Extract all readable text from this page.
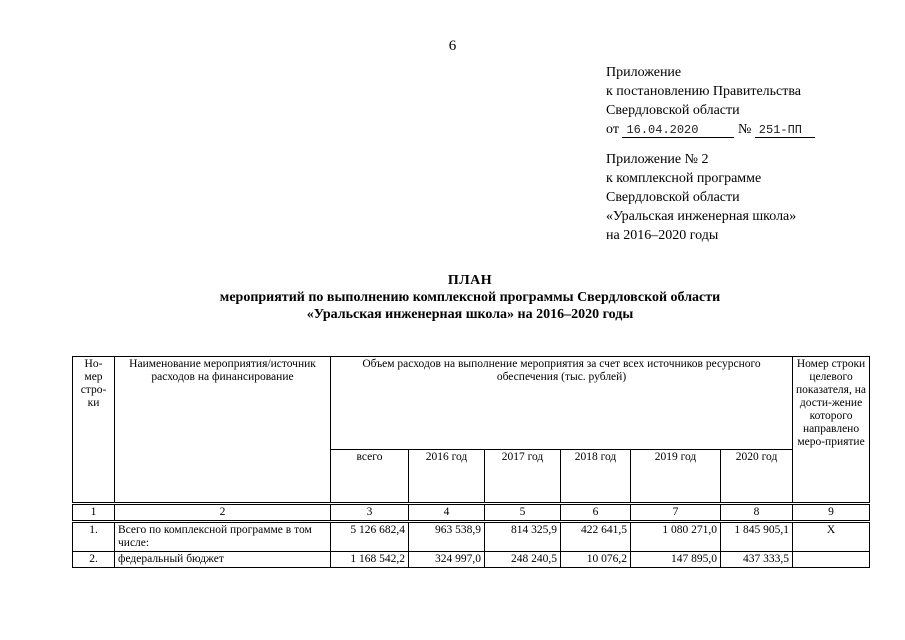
6
Приложение
к постановлению Правительства
Свердловской области
от 16.04.2020	№ 251-ПП
Приложение № 2
к комплексной программе
Свердловской области
«Уральская инженерная школа»
на 2016–2020 годы
ПЛАН
мероприятий по выполнению комплексной программы Свердловской области
«Уральская инженерная школа» на 2016–2020 годы
Но-мер стро-ки	Наименование мероприятия/источник расходов на финансирование	Объем расходов на выполнение мероприятия за счет всех источников ресурсного обеспечения (тыс. рублей)						Номер строки целевого показателя, на дости-жение которого направлено меро-приятие
		всего	2016 год	2017 год	2018 год	2019 год	2020 год	
1	2	3	4	5	6	7	8	9
1.	Всего по комплексной программе в том числе:	5 126 682,4	963 538,9	814 325,9	422 641,5	1 080 271,0	1 845 905,1	Х
2.	федеральный бюджет	1 168 542,2	324 997,0	248 240,5	10 076,2	147 895,0	437 333,5	
